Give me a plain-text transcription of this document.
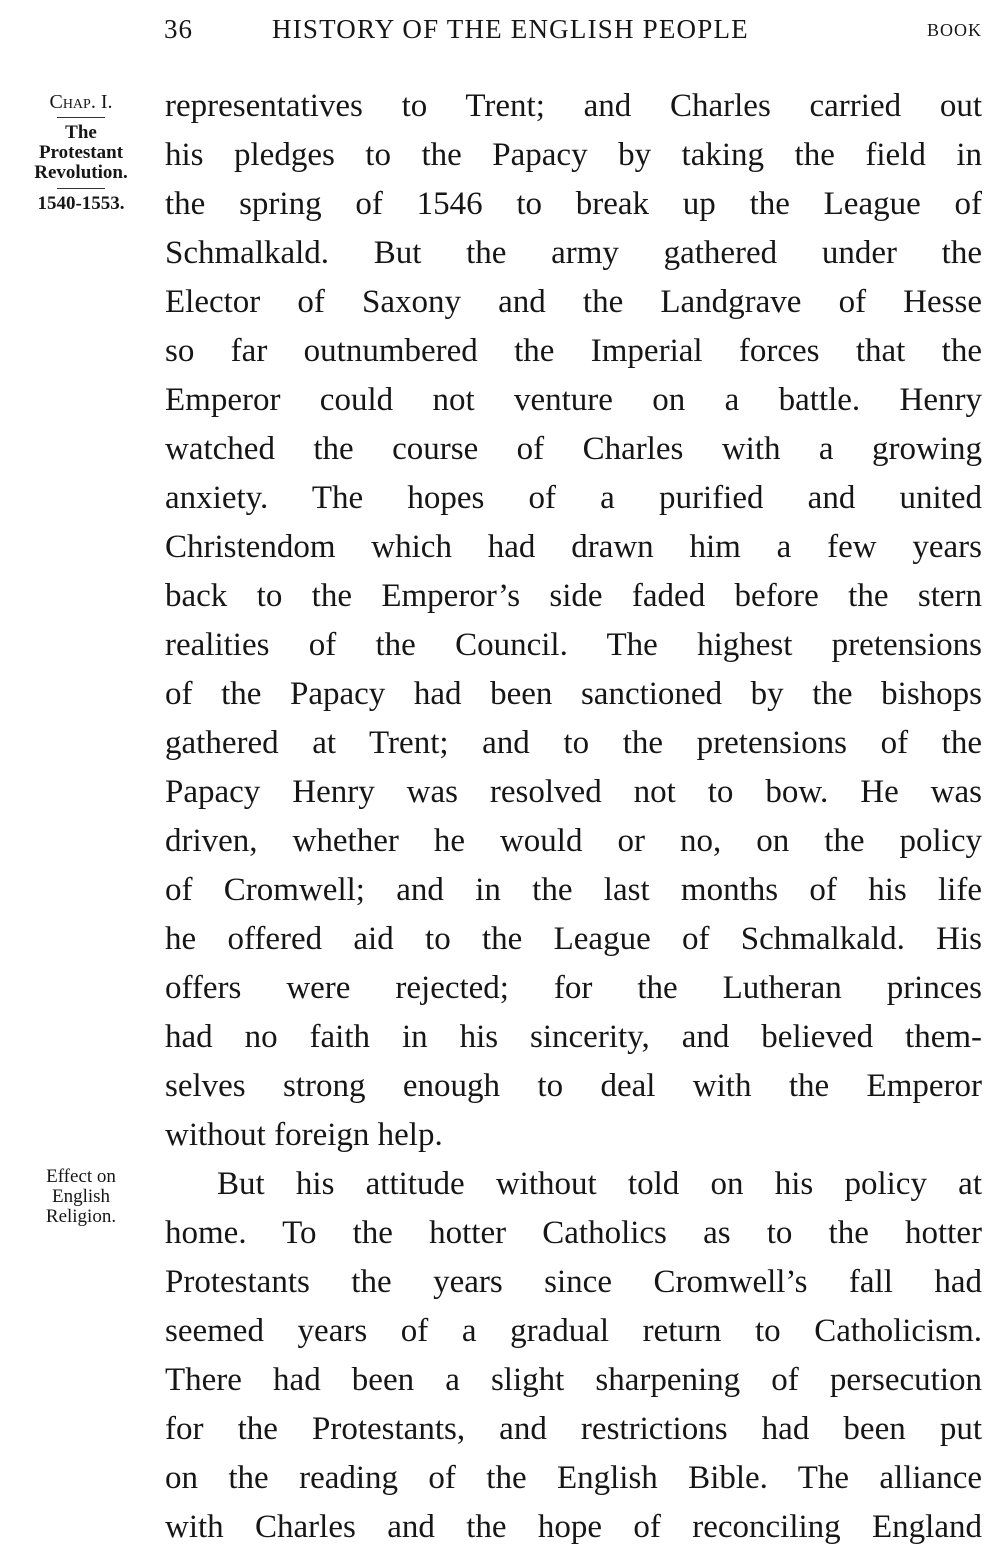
36	HISTORY OF THE ENGLISH PEOPLE	BOOK
Chap. I.
The
Protestant
Revolution.
1540-1553.
Effect on
English
Religion.
representatives to Trent; and Charles carried out
his pledges to the Papacy by taking the field in
the spring of 1546 to break up the League of
Schmalkald. But the army gathered under the
Elector of Saxony and the Landgrave of Hesse
so far outnumbered the Imperial forces that the
Emperor could not venture on a battle. Henry
watched the course of Charles with a growing
anxiety. The hopes of a purified and united
Christendom which had drawn him a few years
back to the Emperor’s side faded before the stern
realities of the Council. The highest pretensions
of the Papacy had been sanctioned by the bishops
gathered at Trent; and to the pretensions of the
Papacy Henry was resolved not to bow. He was
driven, whether he would or no, on the policy
of Cromwell; and in the last months of his life
he offered aid to the League of Schmalkald. His
offers were rejected; for the Lutheran princes
had no faith in his sincerity, and believed them-
selves strong enough to deal with the Emperor
without foreign help.
But his attitude without told on his policy at
home. To the hotter Catholics as to the hotter
Protestants the years since Cromwell’s fall had
seemed years of a gradual return to Catholicism.
There had been a slight sharpening of persecution
for the Protestants, and restrictions had been put
on the reading of the English Bible. The alliance
with Charles and the hope of reconciling England
